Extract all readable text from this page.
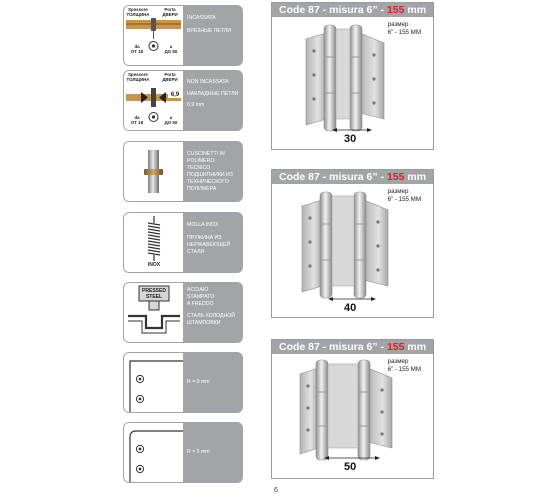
Spessore
ТОЛЩИНА
Porta
ДВЕРИ
da
ОТ 18
a
ДО 50
INCASSATA
ВРЕЗНЫЕ ПЕТЛИ
Spessore
ТОЛЩИНА
Porta
ДВЕРИ
6,9
da
ОТ 18
a
ДО 50
NON INCASSATA
НАКЛАДНЫЕ ПЕТЛИ
6,9 mm
CUSCINETTI IN
POLIMERO
TECNICO
ПОДШИПНИКИ ИЗ
ТЕХНИЧЕСКОГО
ПОЛИМЕРА
INOX
MOLLA INOX
ПРУЖИНА ИЗ
НЕРЖАВЕЮЩЕЙ
СТАЛИ
PRESSED
STEEL
ACCIAIO
STAMPATO
A FREDDO
СТАЛЬ ХОЛОДНОЙ
ШТАМПОВКИ
R = 0 mm
R = 5 mm
Code 87 - misura 6” - 155 mm
размер
6” - 155 ММ
30
Code 87 - misura 6” - 155 mm
размер
6” - 155 ММ
40
Code 87 - misura 6” - 155 mm
размер
6” - 155 ММ
50
6
